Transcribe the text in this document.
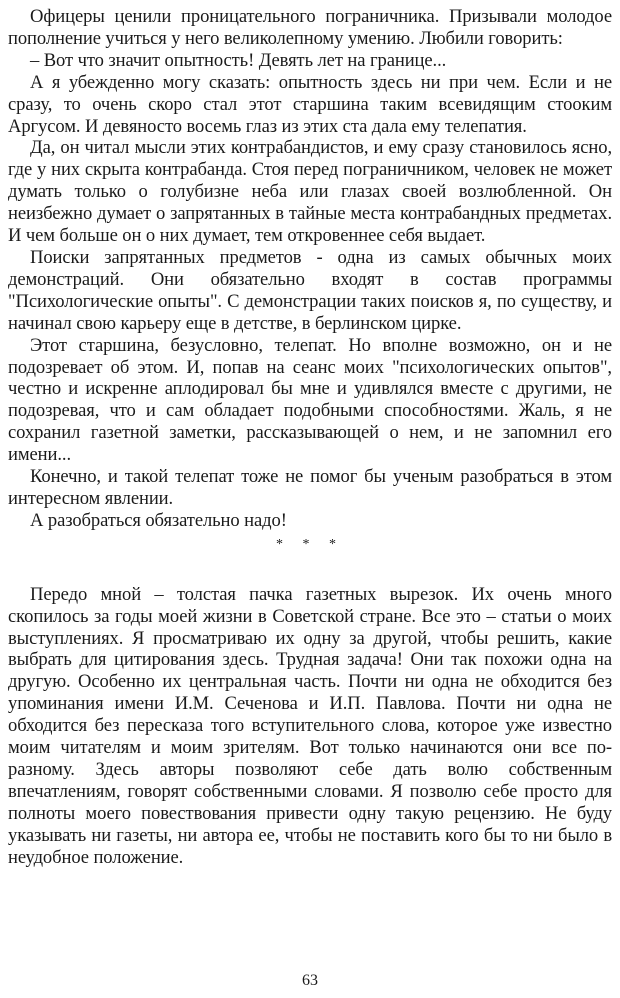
Офицеры ценили проницательного пограничника. Призывали молодое пополнение учиться у него великолепному умению. Любили говорить:

– Вот что значит опытность! Девять лет на границе...

А я убежденно могу сказать: опытность здесь ни при чем. Если и не сразу, то очень скоро стал этот старшина таким всевидящим стооким Аргусом. И девяносто восемь глаз из этих ста дала ему телепатия.

Да, он читал мысли этих контрабандистов, и ему сразу становилось ясно, где у них скрыта контрабанда. Стоя перед пограничником, человек не может думать только о голубизне неба или глазах своей возлюбленной. Он неизбежно думает о запрятанных в тайные места контрабандных предметах. И чем больше он о них думает, тем откровеннее себя выдает.

Поиски запрятанных предметов - одна из самых обычных моих демонстраций. Они обязательно входят в состав программы "Психологические опыты". С демонстрации таких поисков я, по существу, и начинал свою карьеру еще в детстве, в берлинском цирке.

Этот старшина, безусловно, телепат. Но вполне возможно, он и не подозревает об этом. И, попав на сеанс моих "психологических опытов", честно и искренне аплодировал бы мне и удивлялся вместе с другими, не подозревая, что и сам обладает подобными способностями. Жаль, я не сохранил газетной заметки, рассказывающей о нем, и не запомнил его имени...

Конечно, и такой телепат тоже не помог бы ученым разобраться в этом интересном явлении.

А разобраться обязательно надо!

* * *

Передо мной – толстая пачка газетных вырезок. Их очень много скопилось за годы моей жизни в Советской стране. Все это – статьи о моих выступлениях. Я просматриваю их одну за другой, чтобы решить, какие выбрать для цитирования здесь. Трудная задача! Они так похожи одна на другую. Особенно их центральная часть. Почти ни одна не обходится без упоминания имени И.М. Сеченова и И.П. Павлова. Почти ни одна не обходится без пересказа того вступительного слова, которое уже известно моим читателям и моим зрителям. Вот только начинаются они все по-разному. Здесь авторы позволяют себе дать волю собственным впечатлениям, говорят собственными словами. Я позволю себе просто для полноты моего повествования привести одну такую рецензию. Не буду указывать ни газеты, ни автора ее, чтобы не поставить кого бы то ни было в неудобное положение.

63
